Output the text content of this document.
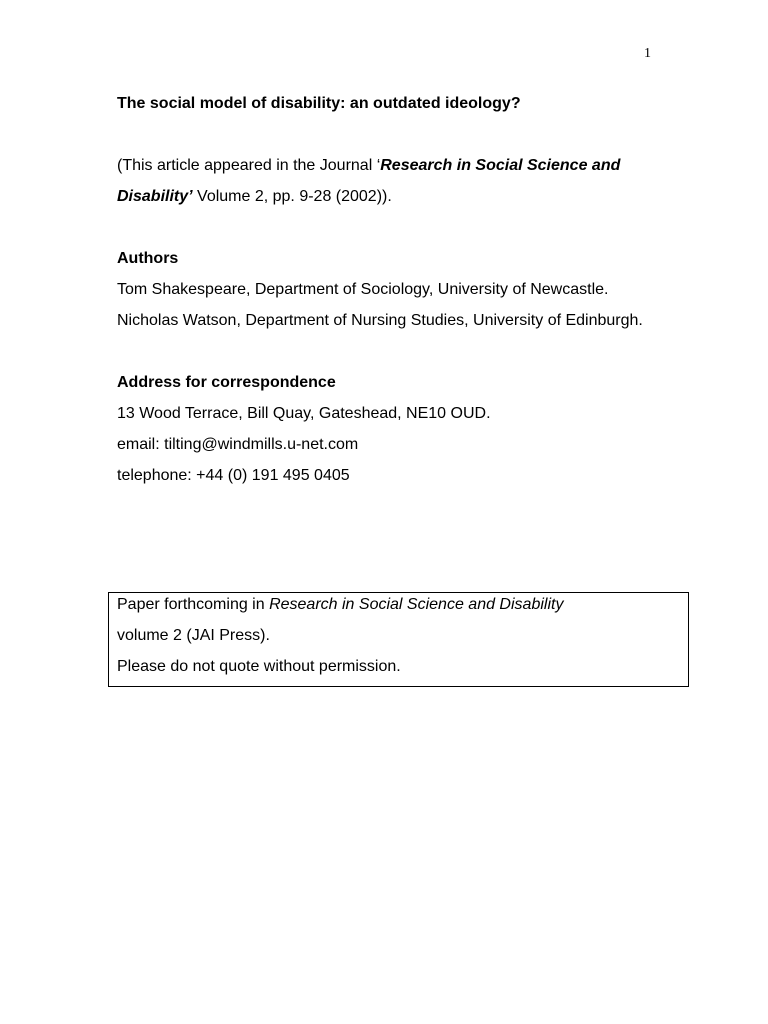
1

The social model of disability: an outdated ideology?

(This article appeared in the Journal ‘Research in Social Science and Disability’ Volume 2, pp. 9-28 (2002)).

Authors

Tom Shakespeare, Department of Sociology, University of Newcastle.

Nicholas Watson, Department of Nursing Studies, University of Edinburgh.

Address for correspondence

13 Wood Terrace, Bill Quay, Gateshead, NE10 OUD.

email: tilting@windmills.u-net.com

telephone: +44 (0) 191 495 0405

Paper forthcoming in Research in Social Science and Disability

volume 2 (JAI Press).

Please do not quote without permission.
